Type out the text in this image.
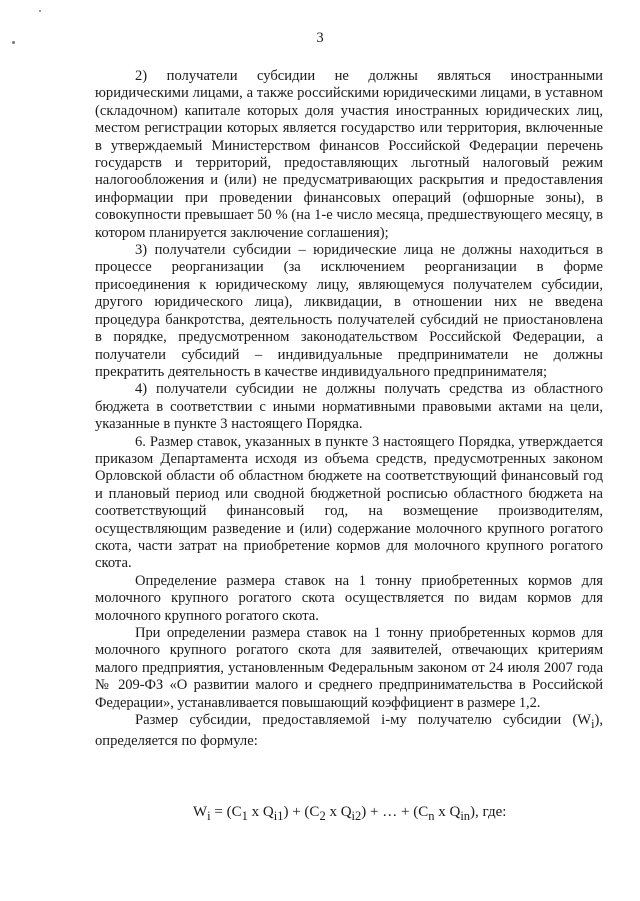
3

2) получатели субсидии не должны являться иностранными юридическими лицами, а также российскими юридическими лицами, в уставном (складочном) капитале которых доля участия иностранных юридических лиц, местом регистрации которых является государство или территория, включенные в утверждаемый Министерством финансов Российской Федерации перечень государств и территорий, предоставляющих льготный налоговый режим налогообложения и (или) не предусматривающих раскрытия и предоставления информации при проведении финансовых операций (офшорные зоны), в совокупности превышает 50 % (на 1-е число месяца, предшествующего месяцу, в котором планируется заключение соглашения);

3) получатели субсидии – юридические лица не должны находиться в процессе реорганизации (за исключением реорганизации в форме присоединения к юридическому лицу, являющемуся получателем субсидии, другого юридического лица), ликвидации, в отношении них не введена процедура банкротства, деятельность получателей субсидий не приостановлена в порядке, предусмотренном законодательством Российской Федерации, а получатели субсидий – индивидуальные предприниматели не должны прекратить деятельность в качестве индивидуального предпринимателя;

4) получатели субсидии не должны получать средства из областного бюджета в соответствии с иными нормативными правовыми актами на цели, указанные в пункте 3 настоящего Порядка.

6. Размер ставок, указанных в пункте 3 настоящего Порядка, утверждается приказом Департамента исходя из объема средств, предусмотренных законом Орловской области об областном бюджете на соответствующий финансовый год и плановый период или сводной бюджетной росписью областного бюджета на соответствующий финансовый год, на возмещение производителям, осуществляющим разведение и (или) содержание молочного крупного рогатого скота, части затрат на приобретение кормов для молочного крупного рогатого скота.

Определение размера ставок на 1 тонну приобретенных кормов для молочного крупного рогатого скота осуществляется по видам кормов для молочного крупного рогатого скота.

При определении размера ставок на 1 тонну приобретенных кормов для молочного крупного рогатого скота для заявителей, отвечающих критериям малого предприятия, установленным Федеральным законом от 24 июля 2007 года № 209-ФЗ «О развитии малого и среднего предпринимательства в Российской Федерации», устанавливается повышающий коэффициент в размере 1,2.

Размер субсидии, предоставляемой i-му получателю субсидии $(W_i)$, определяется по формуле:

$W_i = (C_1$ x $Q_{i1}) + (C_2$ x $Q_{i2}$) + … + ($C_n$ x $Q_{in}$), где:
